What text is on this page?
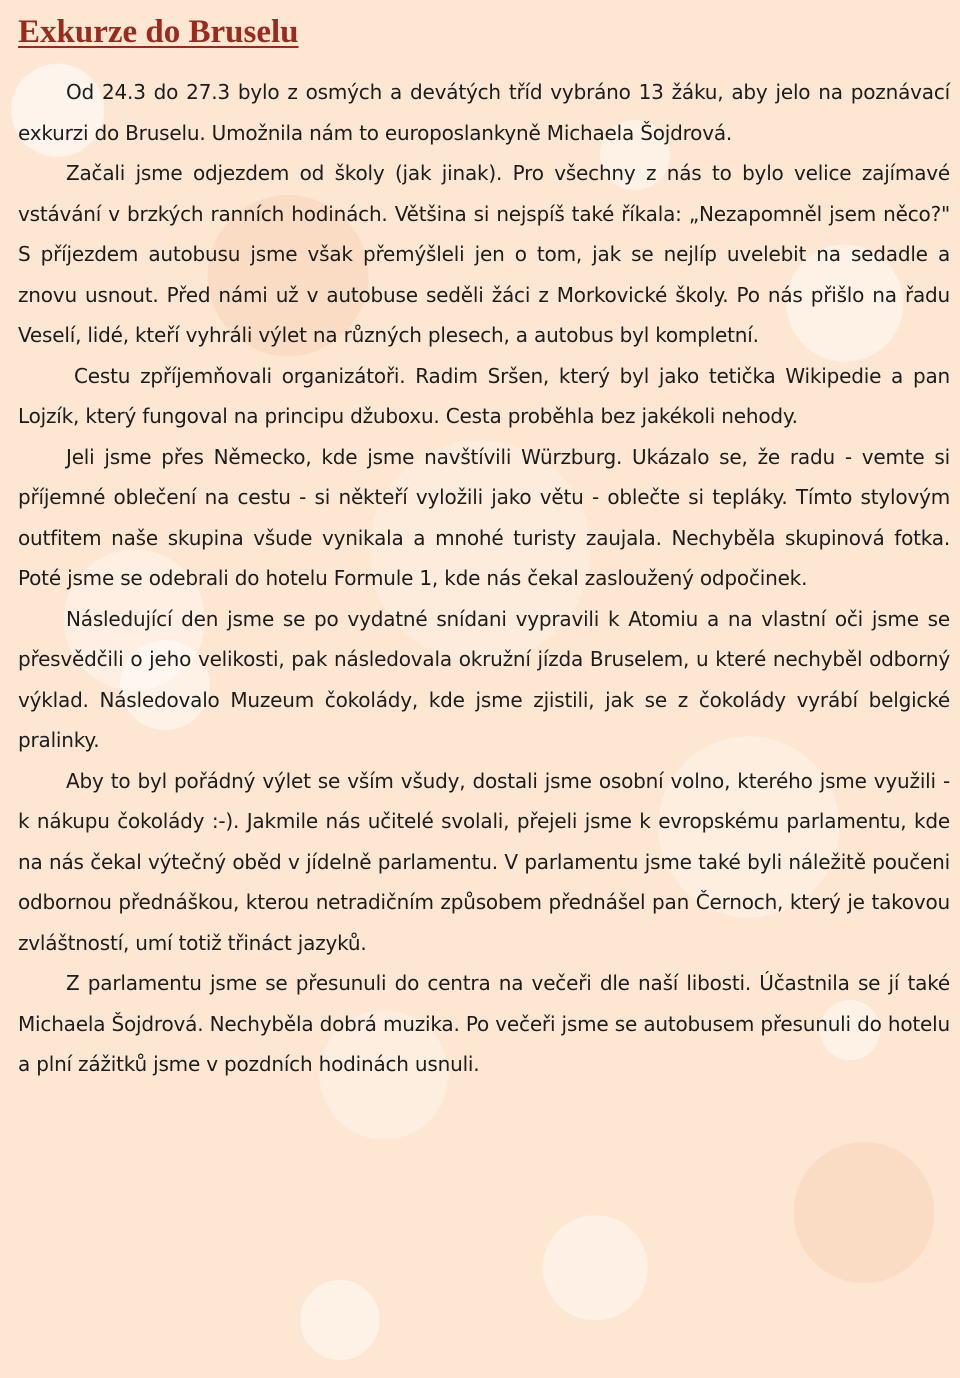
Exkurze do Bruselu

Od 24.3 do 27.3 bylo z osmých a devátých tříd vybráno 13 žáku, aby jelo na poznávací exkurzi do Bruselu. Umožnila nám to europoslankyně Michaela Šojdrová.

Začali jsme odjezdem od školy (jak jinak). Pro všechny z nás to bylo velice zajímavé vstávání v brzkých ranních hodinách. Většina si nejspíš také říkala: „Nezapomněl jsem něco?" S příjezdem autobusu jsme však přemýšleli jen o tom, jak se nejlíp uvelebit na sedadle a znovu usnout. Před námi už v autobuse seděli žáci z Morkovické školy. Po nás přišlo na řadu Veselí, lidé, kteří vyhráli výlet na různých plesech, a autobus byl kompletní.

Cestu zpříjemňovali organizátoři. Radim Sršen, který byl jako tetička Wikipedie a pan Lojzík, který fungoval na principu džuboxu. Cesta proběhla bez jakékoli nehody.

Jeli jsme přes Německo, kde jsme navštívili Würzburg. Ukázalo se, že radu - vemte si příjemné oblečení na cestu - si někteří vyložili jako větu - oblečte si tepláky. Tímto stylovým outfitem naše skupina všude vynikala a mnohé turisty zaujala. Nechyběla skupinová fotka. Poté jsme se odebrali do hotelu Formule 1, kde nás čekal zasloužený odpočinek.

Následující den jsme se po vydatné snídani vypravili k Atomiu a na vlastní oči jsme se přesvědčili o jeho velikosti, pak následovala okružní jízda Bruselem, u které nechyběl odborný výklad. Následovalo Muzeum čokolády, kde jsme zjistili, jak se z čokolády vyrábí belgické pralinky.

Aby to byl pořádný výlet se vším všudy, dostali jsme osobní volno, kterého jsme využili - k nákupu čokolády :-). Jakmile nás učitelé svolali, přejeli jsme k evropskému parlamentu, kde na nás čekal výtečný oběd v jídelně parlamentu. V parlamentu jsme také byli náležitě poučeni odbornou přednáškou, kterou netradičním způsobem přednášel pan Černoch, který je takovou zvláštností, umí totiž třináct jazyků.

Z parlamentu jsme se přesunuli do centra na večeři dle naší libosti. Účastnila se jí také Michaela Šojdrová. Nechyběla dobrá muzika. Po večeři jsme se autobusem přesunuli do hotelu a plní zážitků jsme v pozdních hodinách usnuli.
